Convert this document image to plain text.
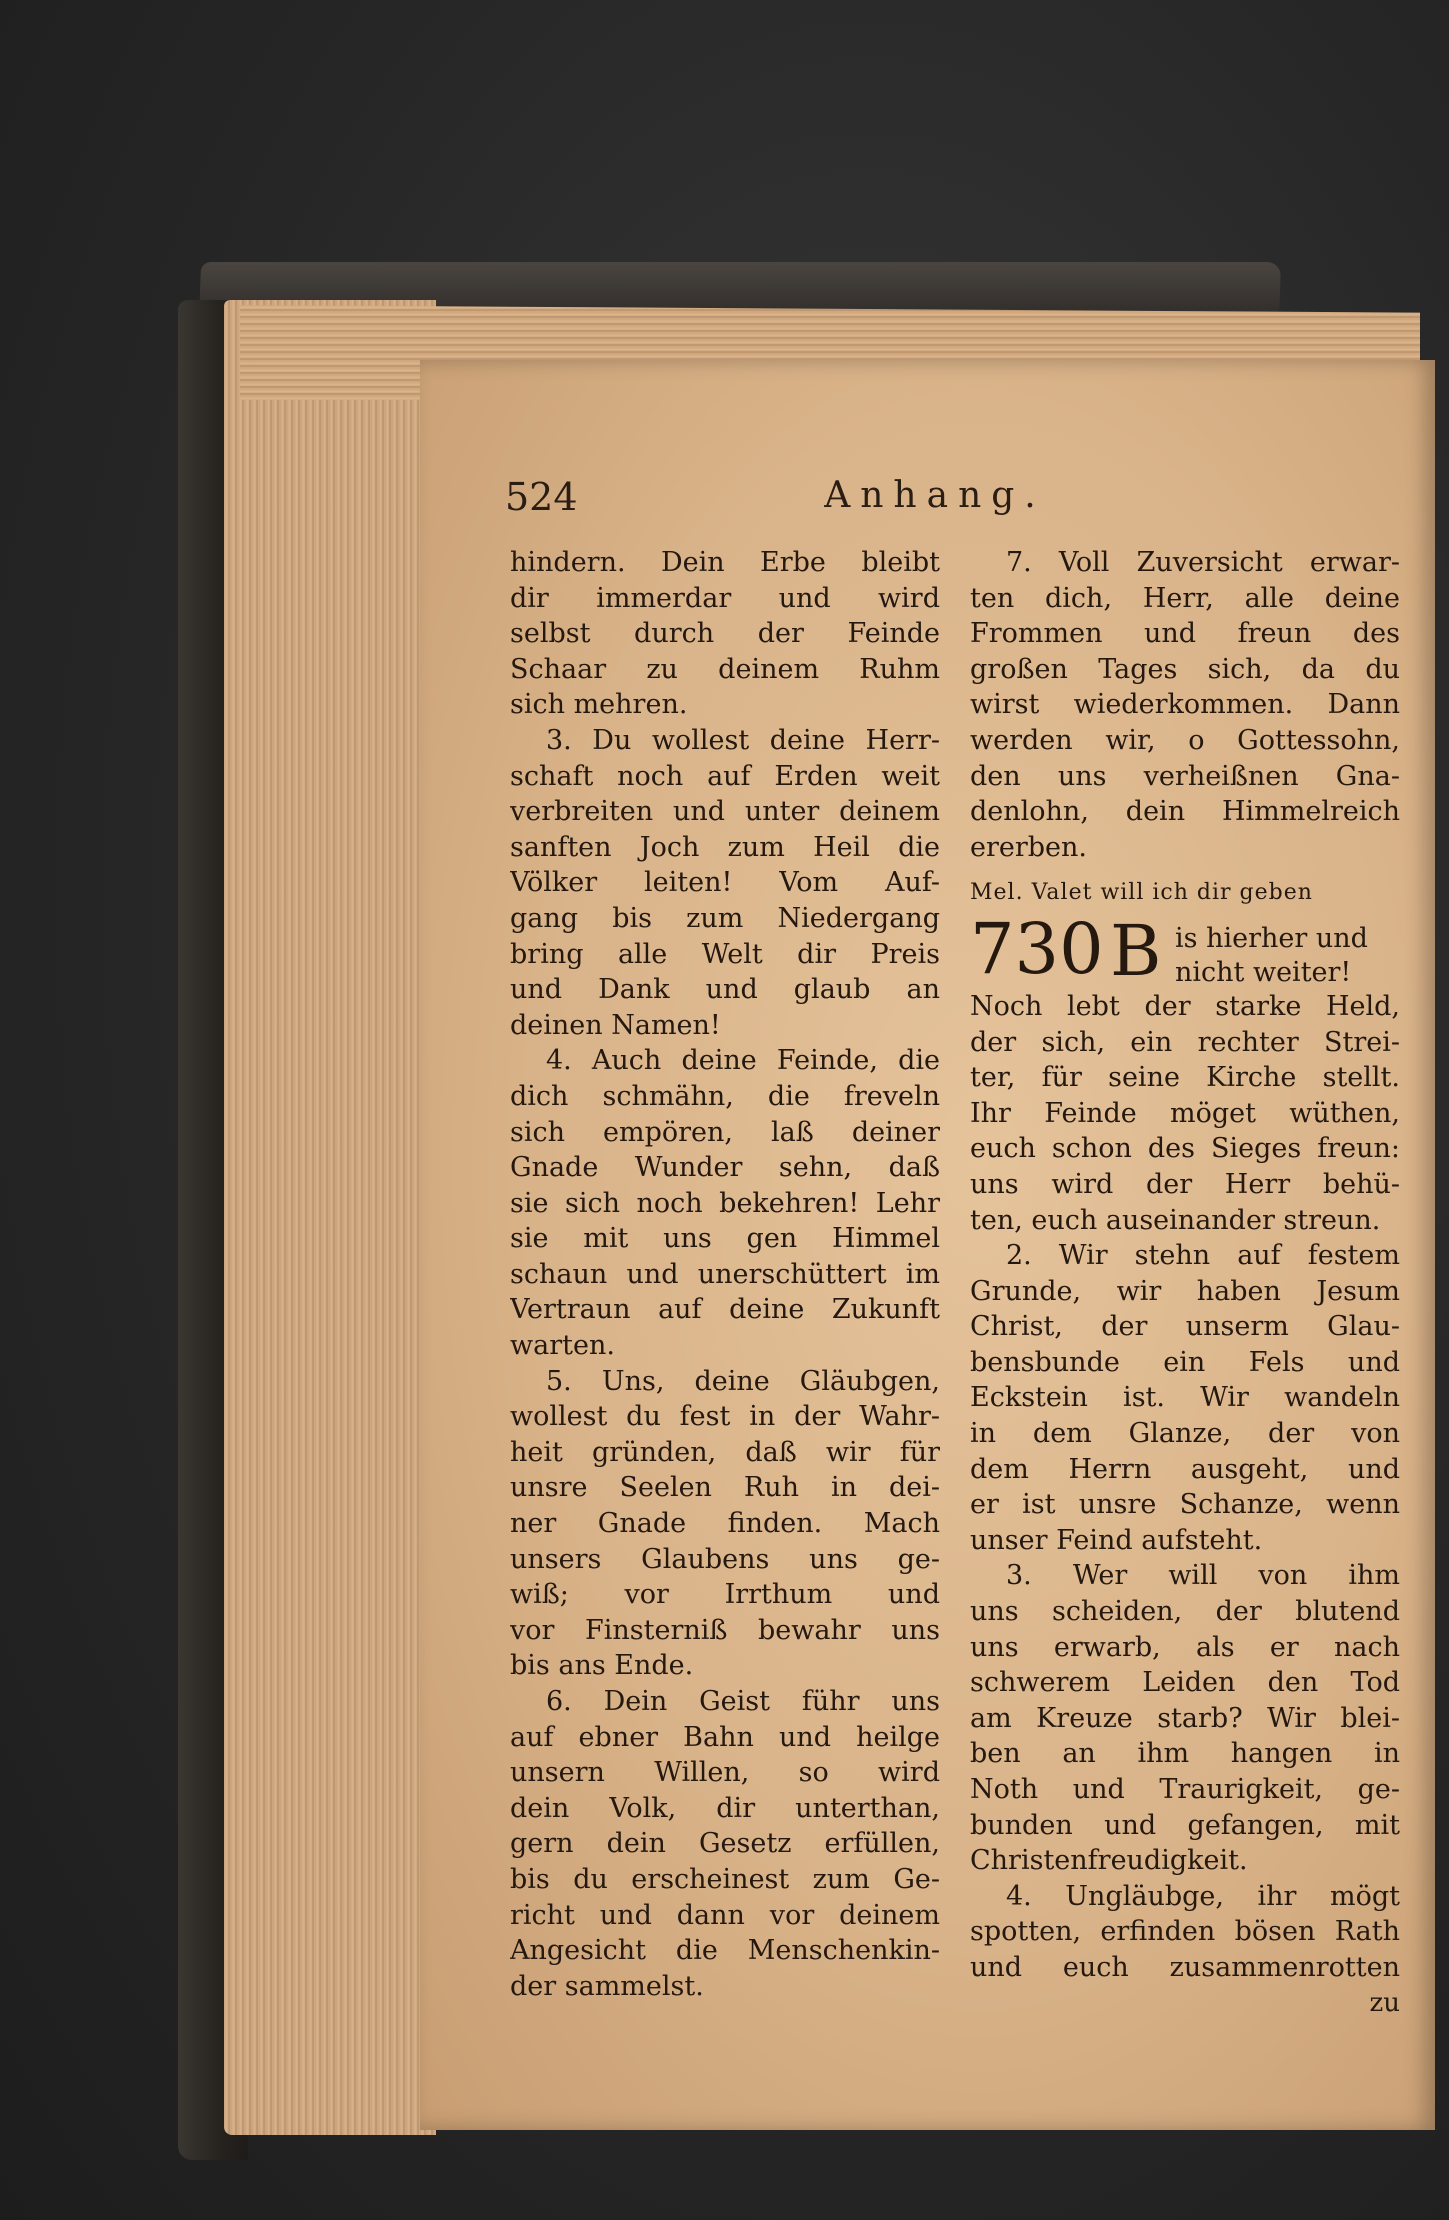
524	Anhang.
hindern. Dein Erbe bleibt
dir immerdar und wird
selbst durch der Feinde
Schaar zu deinem Ruhm
sich mehren.
3. Du wollest deine Herr-
schaft noch auf Erden weit
verbreiten und unter deinem
sanften Joch zum Heil die
Völker leiten! Vom Auf-
gang bis zum Niedergang
bring alle Welt dir Preis
und Dank und glaub an
deinen Namen!
4. Auch deine Feinde, die
dich schmähn, die freveln
sich empören, laß deiner
Gnade Wunder sehn, daß
sie sich noch bekehren! Lehr
sie mit uns gen Himmel
schaun und unerschüttert im
Vertraun auf deine Zukunft
warten.
5. Uns, deine Gläubgen,
wollest du fest in der Wahr-
heit gründen, daß wir für
unsre Seelen Ruh in dei-
ner Gnade finden. Mach
unsers Glaubens uns ge-
wiß; vor Irrthum und
vor Finsterniß bewahr uns
bis ans Ende.
6. Dein Geist führ uns
auf ebner Bahn und heilge
unsern Willen, so wird
dein Volk, dir unterthan,
gern dein Gesetz erfüllen,
bis du erscheinest zum Ge-
richt und dann vor deinem
Angesicht die Menschenkin-
der sammelst.
7. Voll Zuversicht erwar-
ten dich, Herr, alle deine
Frommen und freun des
großen Tages sich, da du
wirst wiederkommen. Dann
werden wir, o Gottessohn,
den uns verheißnen Gna-
denlohn, dein Himmelreich
ererben.
Mel. Valet will ich dir geben
730 B is hierher und
nicht weiter!
Noch lebt der starke Held,
der sich, ein rechter Strei-
ter, für seine Kirche stellt.
Ihr Feinde möget wüthen,
euch schon des Sieges freun:
uns wird der Herr behü-
ten, euch auseinander streun.
2. Wir stehn auf festem
Grunde, wir haben Jesum
Christ, der unserm Glau-
bensbunde ein Fels und
Eckstein ist. Wir wandeln
in dem Glanze, der von
dem Herrn ausgeht, und
er ist unsre Schanze, wenn
unser Feind aufsteht.
3. Wer will von ihm
uns scheiden, der blutend
uns erwarb, als er nach
schwerem Leiden den Tod
am Kreuze starb? Wir blei-
ben an ihm hangen in
Noth und Traurigkeit, ge-
bunden und gefangen, mit
Christenfreudigkeit.
4. Ungläubge, ihr mögt
spotten, erfinden bösen Rath
und euch zusammenrotten
zu
